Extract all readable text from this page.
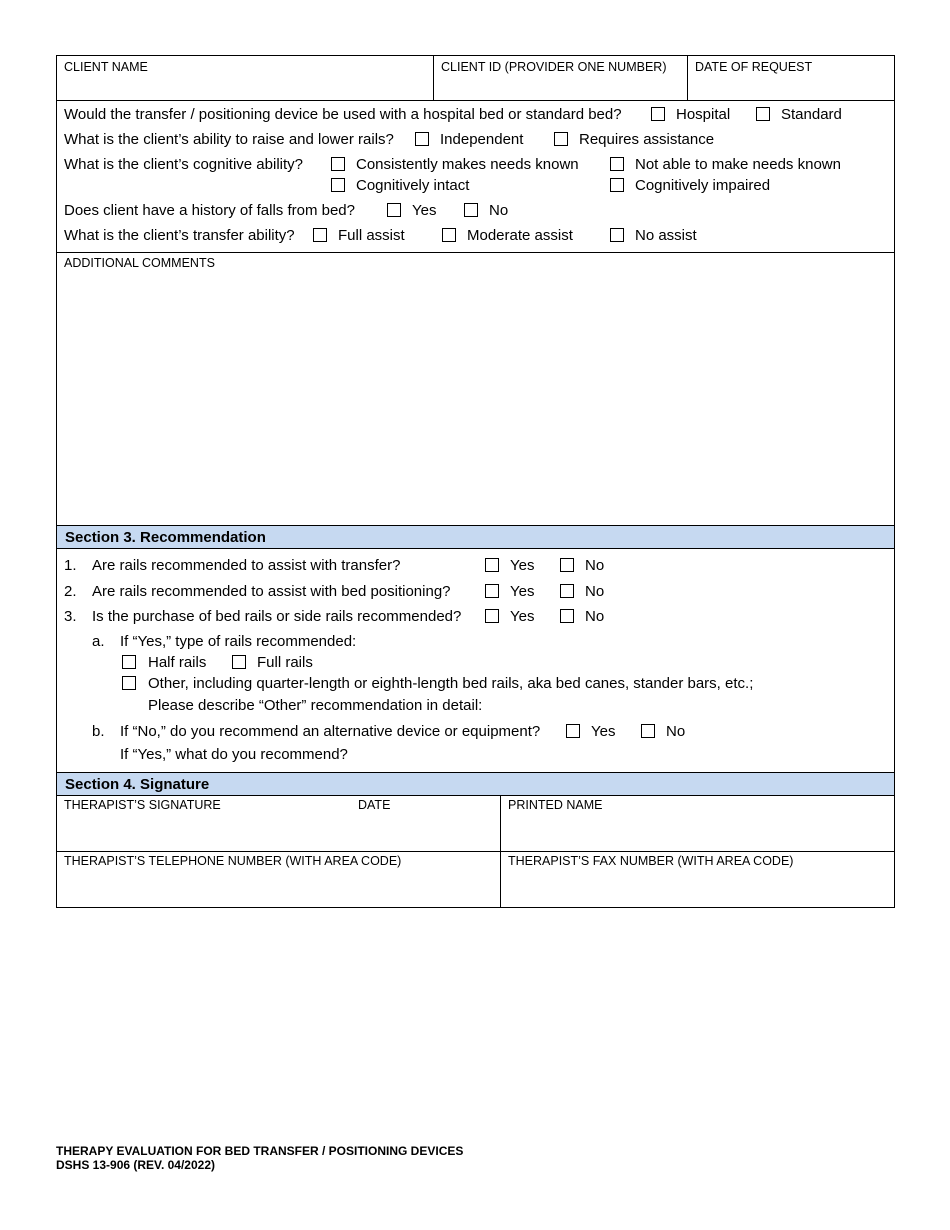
CLIENT NAME	CLIENT ID (PROVIDER ONE NUMBER) DATE OF REQUEST
Would the transfer / positioning device be used with a hospital bed or standard bed?	Hospital	Standard
What is the client’s ability to raise and lower rails?	Independent	Requires assistance
What is the client’s cognitive ability?	Consistently makes needs known	Not able to make needs known
Cognitively intact	Cognitively impaired
Does client have a history of falls from bed?	Yes	No
What is the client’s transfer ability?	Full assist	Moderate assist	No assist
ADDITIONAL COMMENTS
Section 3. Recommendation
1. Are rails recommended to assist with transfer?	Yes	No
2. Are rails recommended to assist with bed positioning?	Yes	No
3. Is the purchase of bed rails or side rails recommended?	Yes	No
a. If “Yes,” type of rails recommended:
Half rails	Full rails
Other, including quarter-length or eighth-length bed rails, aka bed canes, stander bars, etc.;
Please describe “Other” recommendation in detail:
b. If “No,” do you recommend an alternative device or equipment?	Yes	No
If “Yes,” what do you recommend?
Section 4. Signature
THERAPIST’S SIGNATURE	DATE	PRINTED NAME
THERAPIST’S TELEPHONE NUMBER (WITH AREA CODE)	THERAPIST’S FAX NUMBER (WITH AREA CODE)
THERAPY EVALUATION FOR BED TRANSFER / POSITIONING DEVICES
DSHS 13-906 (REV. 04/2022)
